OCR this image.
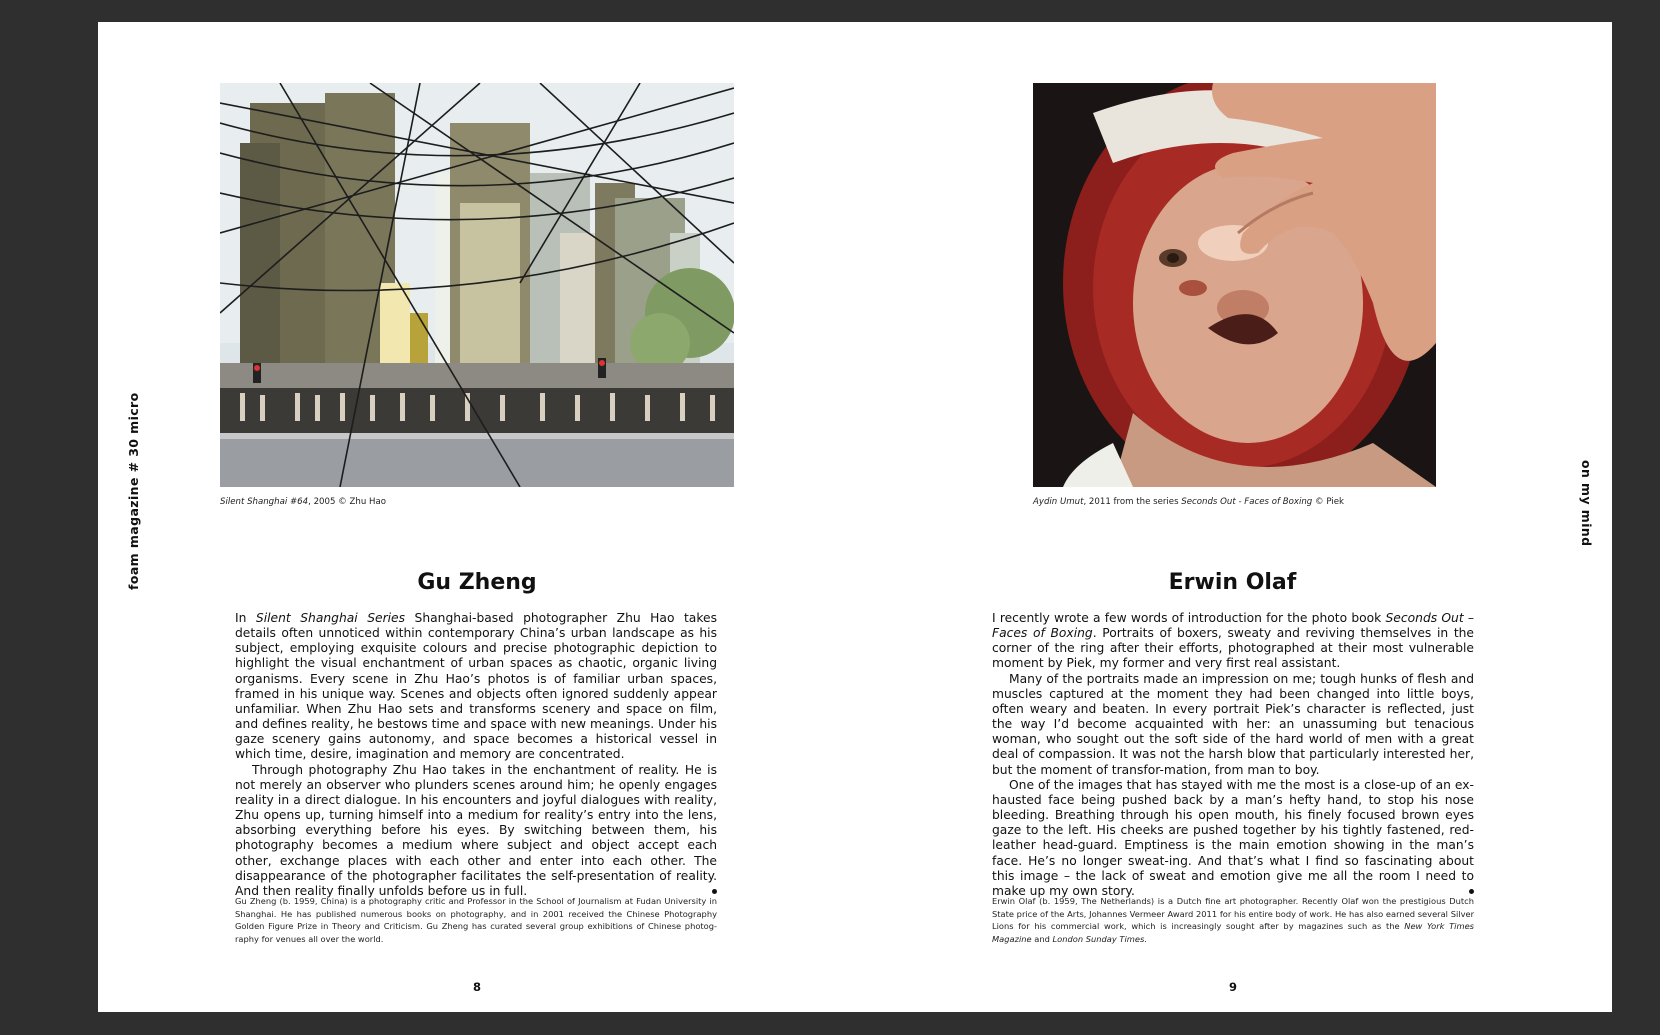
foam magazine # 30 micro	Silent Shanghai #64, 2005 © Zhu Hao
Gu Zheng

In Silent Shanghai Series Shanghai-based photographer Zhu Hao takes details often unnoticed within contemporary China’s urban landscape as his subject, employing exquisite colours and precise photographic depiction to highlight the visual enchantment of urban spaces as chaotic, organic living organisms. Every scene in Zhu Hao’s photos is of familiar urban spaces, framed in his unique way. Scenes and objects often ignored suddenly appear unfamiliar. When Zhu Hao sets and transforms scenery and space on film, and defines reality, he bestows time and space with new meanings. Under his gaze scenery gains autonomy, and space becomes a historical vessel in which time, desire, imagination and memory are concentrated.

Through photography Zhu Hao takes in the enchantment of reality. He is not merely an observer who plunders scenes around him; he openly engages reality in a direct dialogue. In his encounters and joyful dialogues with reality, Zhu opens up, turning himself into a medium for reality’s entry into the lens, absorbing everything before his eyes. By switching between them, his photography becomes a medium where subject and object accept each other, exchange places with each other and enter into each other. The disappearance of the photographer facilitates the self-presentation of reality. And then reality finally unfolds before us in full.

Gu Zheng (b. 1959, China) is a photography critic and Professor in the School of Journalism at Fudan University in Shanghai. He has published numerous books on photography, and in 2001 received the Chinese Photography Golden Figure Prize in Theory and Criticism. Gu Zheng has curated several group exhibitions of Chinese photog-raphy for venues all over the world.
8
Aydin Umut, 2011 from the series Seconds Out - Faces of Boxing © Piek
Erwin Olaf

I recently wrote a few words of introduction for the photo book Seconds Out – Faces of Boxing. Portraits of boxers, sweaty and reviving themselves in the corner of the ring after their efforts, photographed at their most vulnerable moment by Piek, my former and very first real assistant.

Many of the portraits made an impression on me; tough hunks of flesh and muscles captured at the moment they had been changed into little boys, often weary and beaten. In every portrait Piek’s character is reflected, just the way I’d become acquainted with her: an unassuming but tenacious woman, who sought out the soft side of the hard world of men with a great deal of compassion. It was not the harsh blow that particularly interested her, but the moment of transfor-mation, from man to boy.

One of the images that has stayed with me the most is a close-up of an ex-hausted face being pushed back by a man’s hefty hand, to stop his nose bleeding. Breathing through his open mouth, his finely focused brown eyes gaze to the left. His cheeks are pushed together by his tightly fastened, red-leather head-guard. Emptiness is the main emotion showing in the man’s face. He’s no longer sweat-ing. And that’s what I find so fascinating about this image – the lack of sweat and emotion give me all the room I need to make up my own story.

Erwin Olaf (b. 1959, The Netherlands) is a Dutch fine art photographer. Recently Olaf won the prestigious Dutch State price of the Arts, Johannes Vermeer Award 2011 for his entire body of work. He has also earned several Silver Lions for his commercial work, which is increasingly sought after by magazines such as the New York Times Magazine and London Sunday Times.
9
on my mind
